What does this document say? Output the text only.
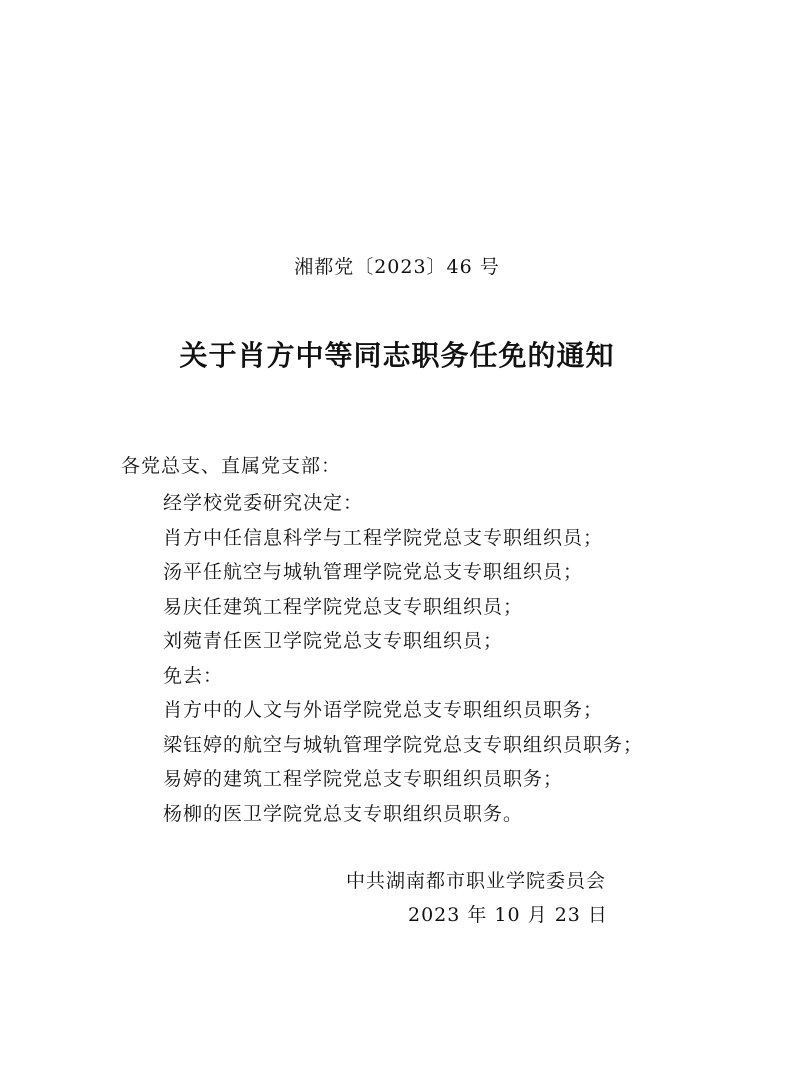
湘都党〔2023〕46 号
关于肖方中等同志职务任免的通知
各党总支、直属党支部：
经学校党委研究决定：
肖方中任信息科学与工程学院党总支专职组织员；
汤平任航空与城轨管理学院党总支专职组织员；
易庆任建筑工程学院党总支专职组织员；
刘菀青任医卫学院党总支专职组织员；
免去：
肖方中的人文与外语学院党总支专职组织员职务；
梁钰婷的航空与城轨管理学院党总支专职组织员职务；
易婷的建筑工程学院党总支专职组织员职务；
杨柳的医卫学院党总支专职组织员职务。
中共湖南都市职业学院委员会
2023 年 10 月 23 日
